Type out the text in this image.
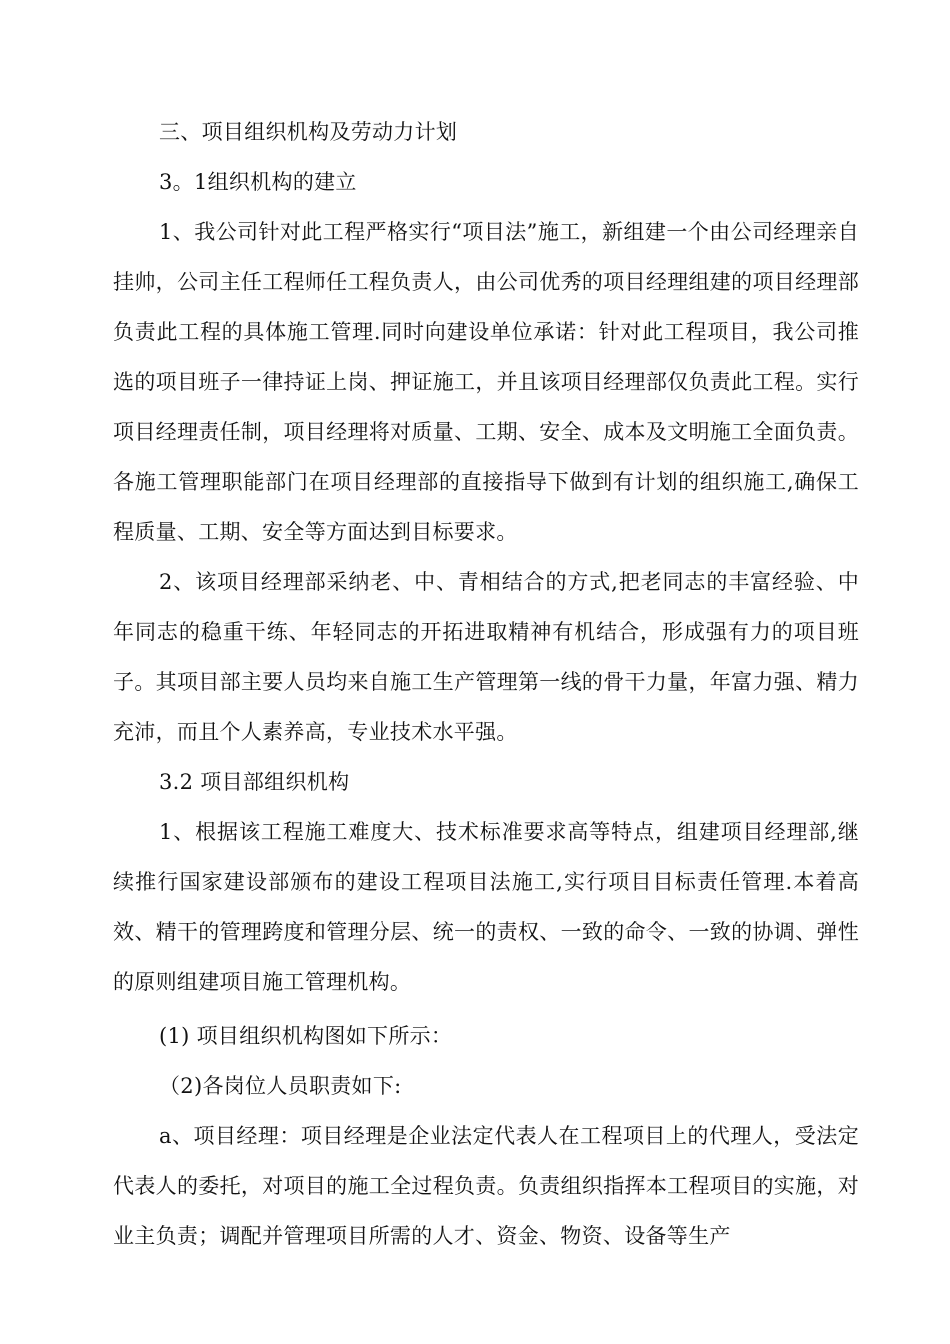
三、项目组织机构及劳动力计划

3。1组织机构的建立

1、我公司针对此工程严格实行“项目法”施工，新组建一个由公司经理亲自挂帅，公司主任工程师任工程负责人，由公司优秀的项目经理组建的项目经理部负责此工程的具体施工管理.同时向建设单位承诺：针对此工程项目，我公司推选的项目班子一律持证上岗、押证施工，并且该项目经理部仅负责此工程。实行项目经理责任制，项目经理将对质量、工期、安全、成本及文明施工全面负责。各施工管理职能部门在项目经理部的直接指导下做到有计划的组织施工,确保工程质量、工期、安全等方面达到目标要求。

2、该项目经理部采纳老、中、青相结合的方式,把老同志的丰富经验、中年同志的稳重干练、年轻同志的开拓进取精神有机结合，形成强有力的项目班子。其项目部主要人员均来自施工生产管理第一线的骨干力量，年富力强、精力充沛，而且个人素养高，专业技术水平强。

3.2 项目部组织机构

1、根据该工程施工难度大、技术标准要求高等特点，组建项目经理部,继续推行国家建设部颁布的建设工程项目法施工,实行项目目标责任管理.本着高效、精干的管理跨度和管理分层、统一的责权、一致的命令、一致的协调、弹性的原则组建项目施工管理机构。

(1) 项目组织机构图如下所示：

（2)各岗位人员职责如下:

a、项目经理：项目经理是企业法定代表人在工程项目上的代理人，受法定代表人的委托，对项目的施工全过程负责。负责组织指挥本工程项目的实施，对业主负责；调配并管理项目所需的人才、资金、物资、设备等生产
